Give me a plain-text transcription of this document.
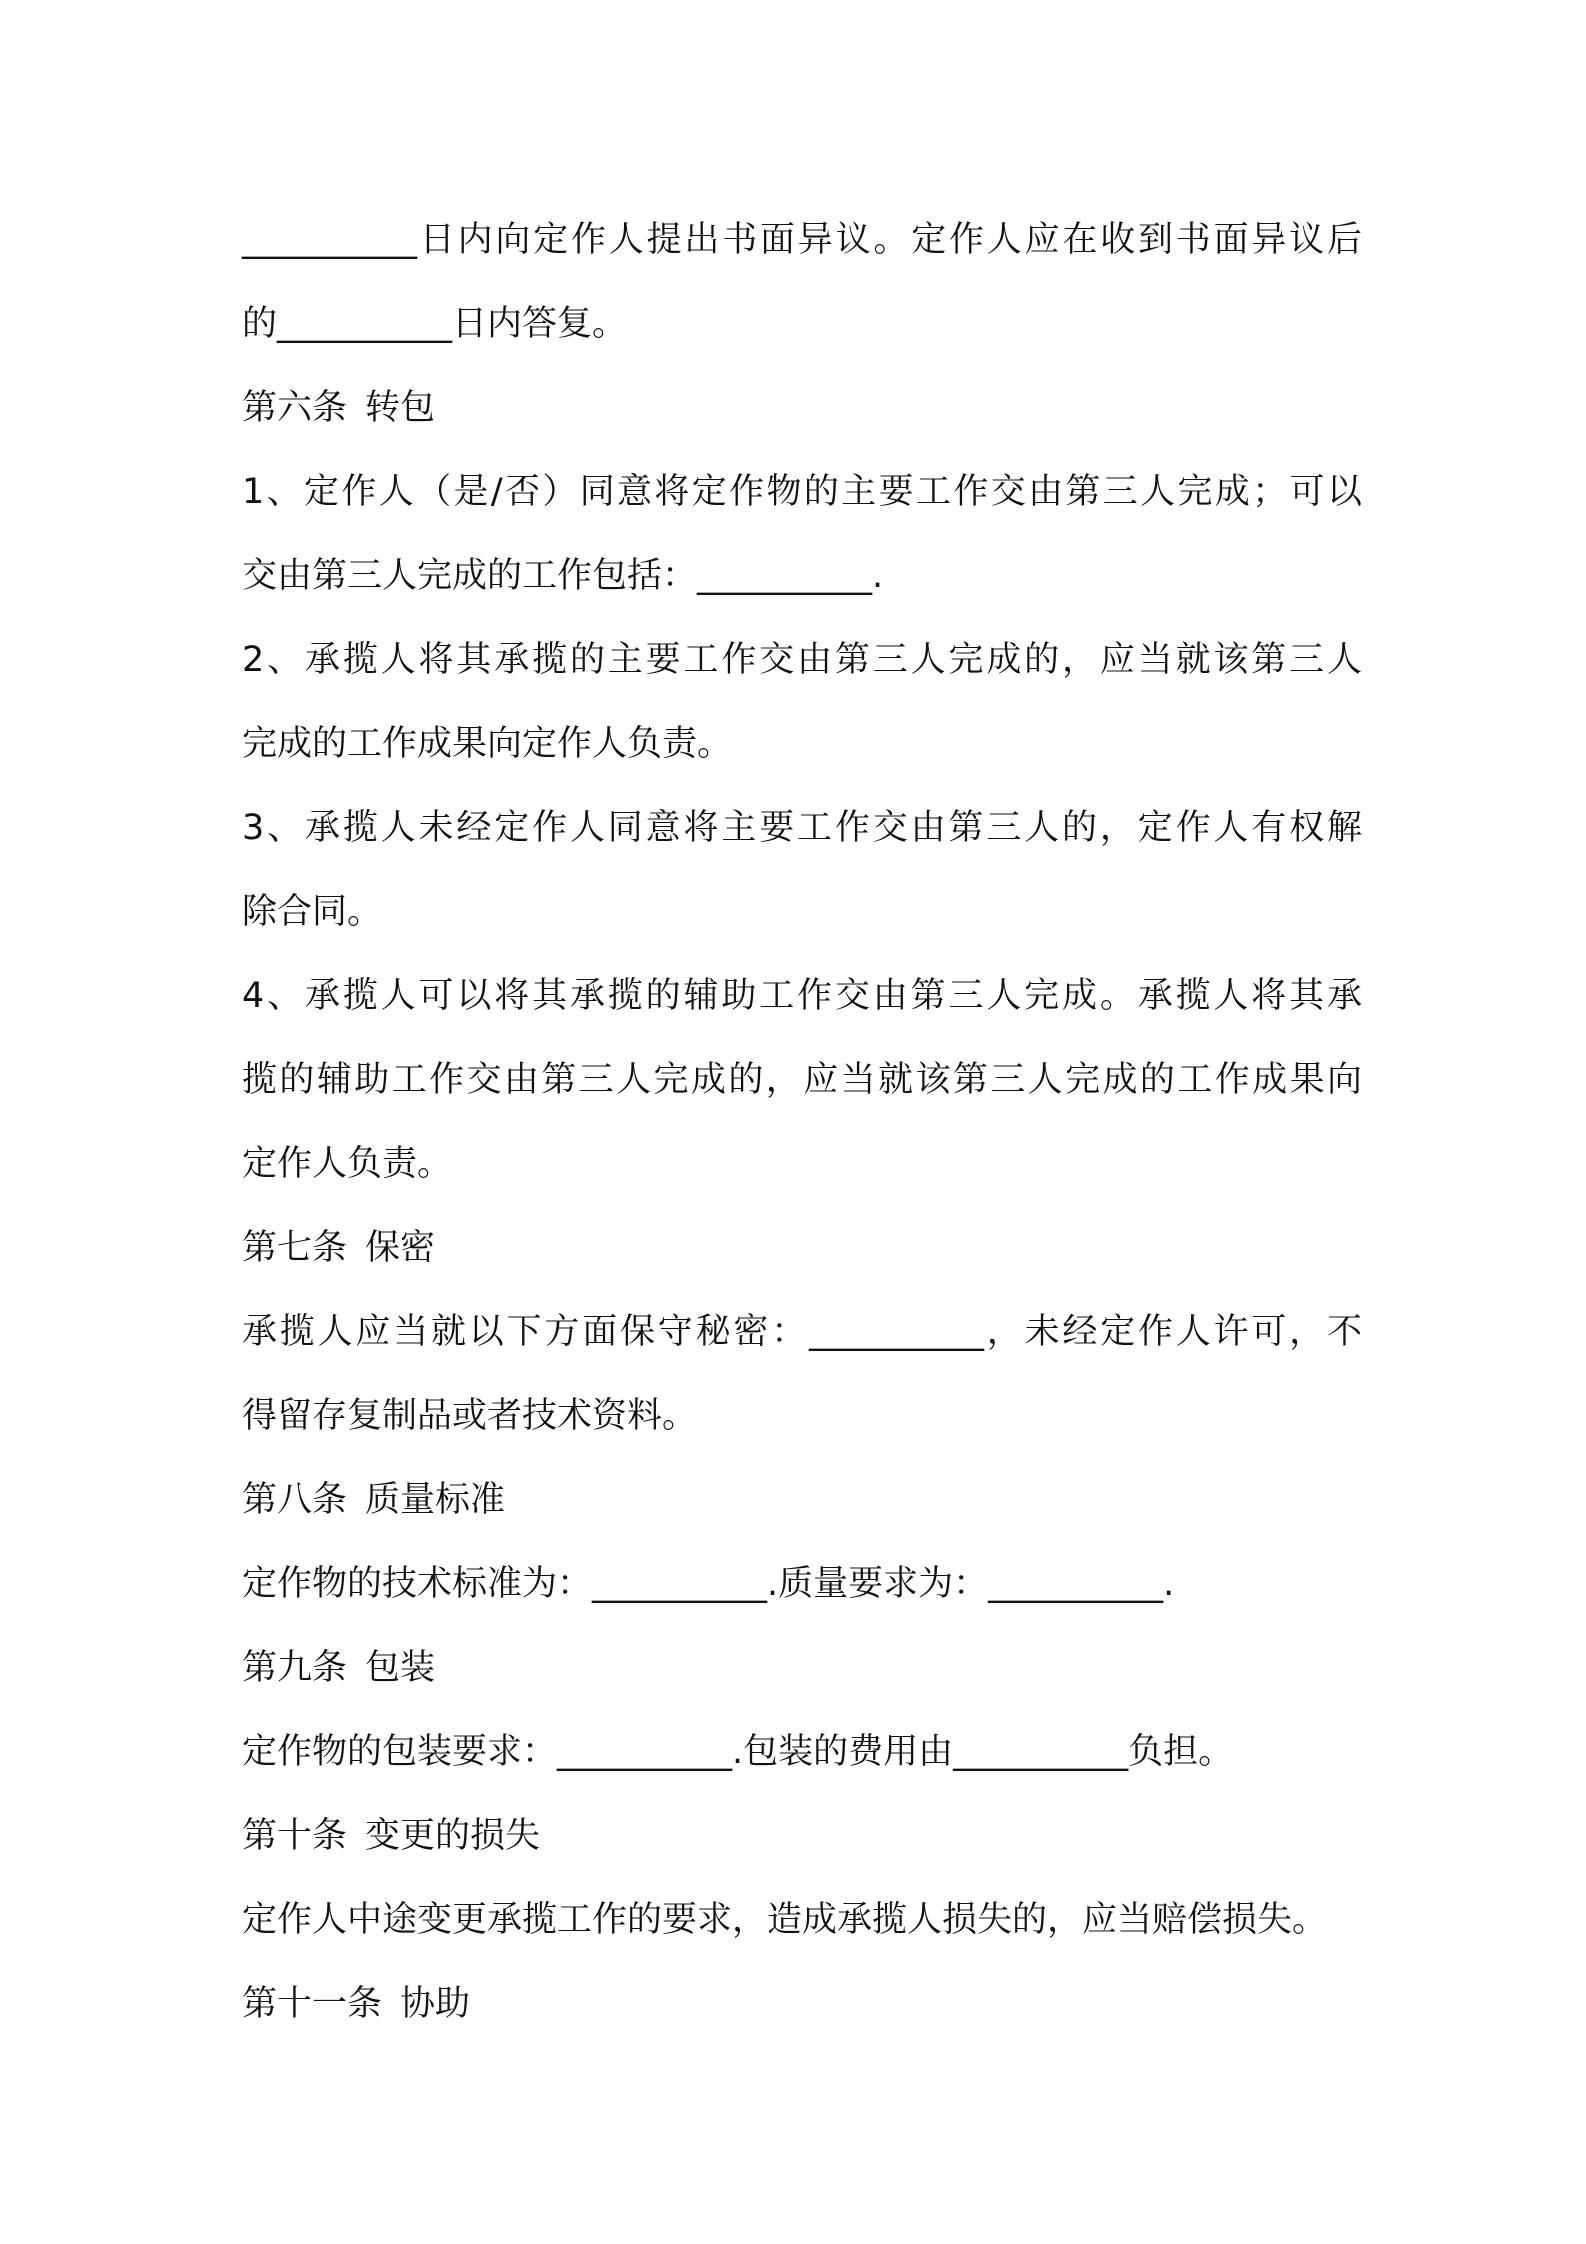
__________日内向定作人提出书面异议。定作人应在收到书面异议后
的__________日内答复。
第六条 转包
1、定作人（是/否）同意将定作物的主要工作交由第三人完成；可以
交由第三人完成的工作包括：__________.
2、承揽人将其承揽的主要工作交由第三人完成的，应当就该第三人
完成的工作成果向定作人负责。
3、承揽人未经定作人同意将主要工作交由第三人的，定作人有权解
除合同。
4、承揽人可以将其承揽的辅助工作交由第三人完成。承揽人将其承
揽的辅助工作交由第三人完成的，应当就该第三人完成的工作成果向
定作人负责。
第七条 保密
承揽人应当就以下方面保守秘密：__________，未经定作人许可，不
得留存复制品或者技术资料。
第八条 质量标准
定作物的技术标准为：__________.质量要求为：__________.
第九条 包装
定作物的包装要求：__________.包装的费用由__________负担。
第十条 变更的损失
定作人中途变更承揽工作的要求，造成承揽人损失的，应当赔偿损失。
第十一条 协助
